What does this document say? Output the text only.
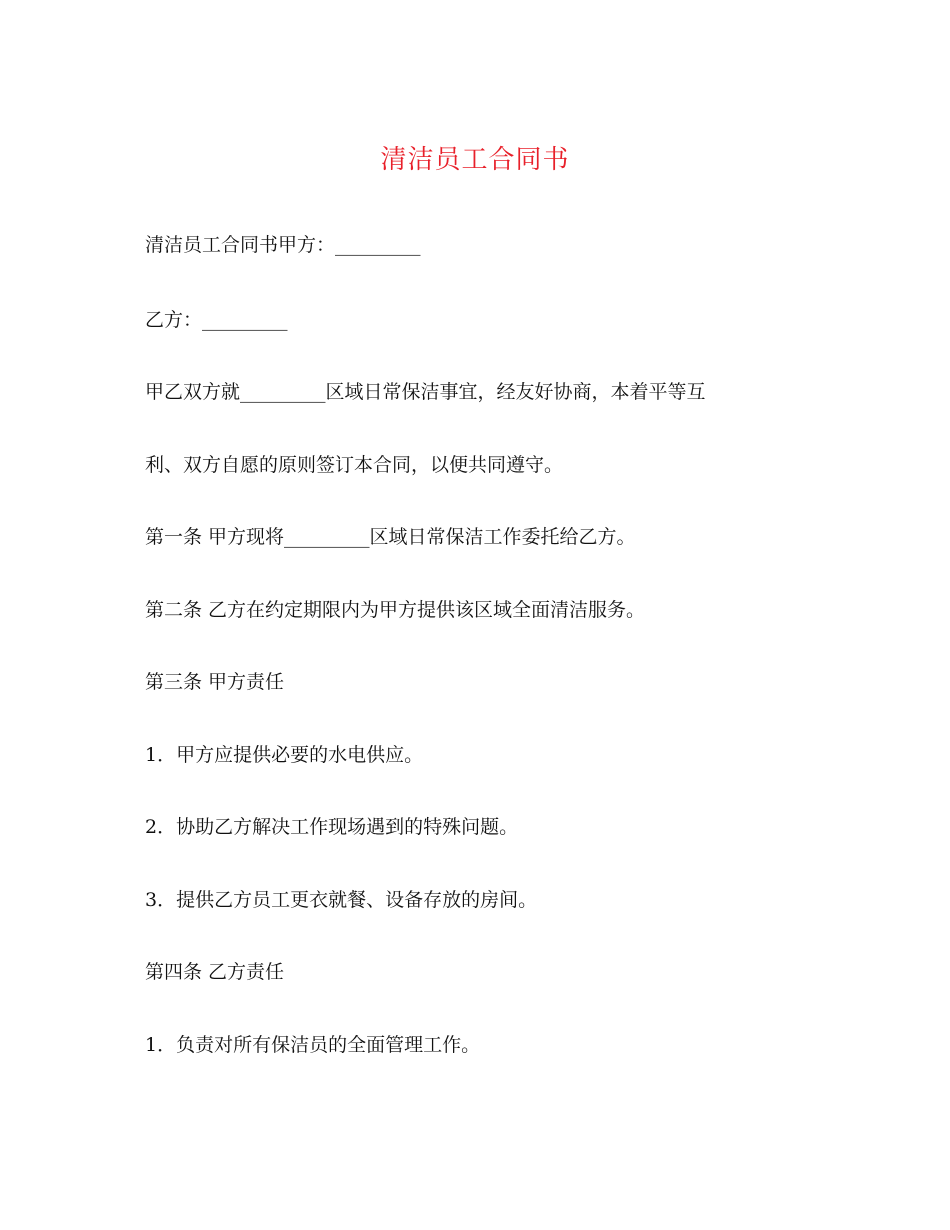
清洁员工合同书
清洁员工合同书甲方：_________
乙方：_________
甲乙双方就_________区域日常保洁事宜，经友好协商，本着平等互
利、双方自愿的原则签订本合同，以便共同遵守。
第一条 甲方现将_________区域日常保洁工作委托给乙方。
第二条 乙方在约定期限内为甲方提供该区域全面清洁服务。
第三条 甲方责任
1．甲方应提供必要的水电供应。
2．协助乙方解决工作现场遇到的特殊问题。
3．提供乙方员工更衣就餐、设备存放的房间。
第四条 乙方责任
1．负责对所有保洁员的全面管理工作。
